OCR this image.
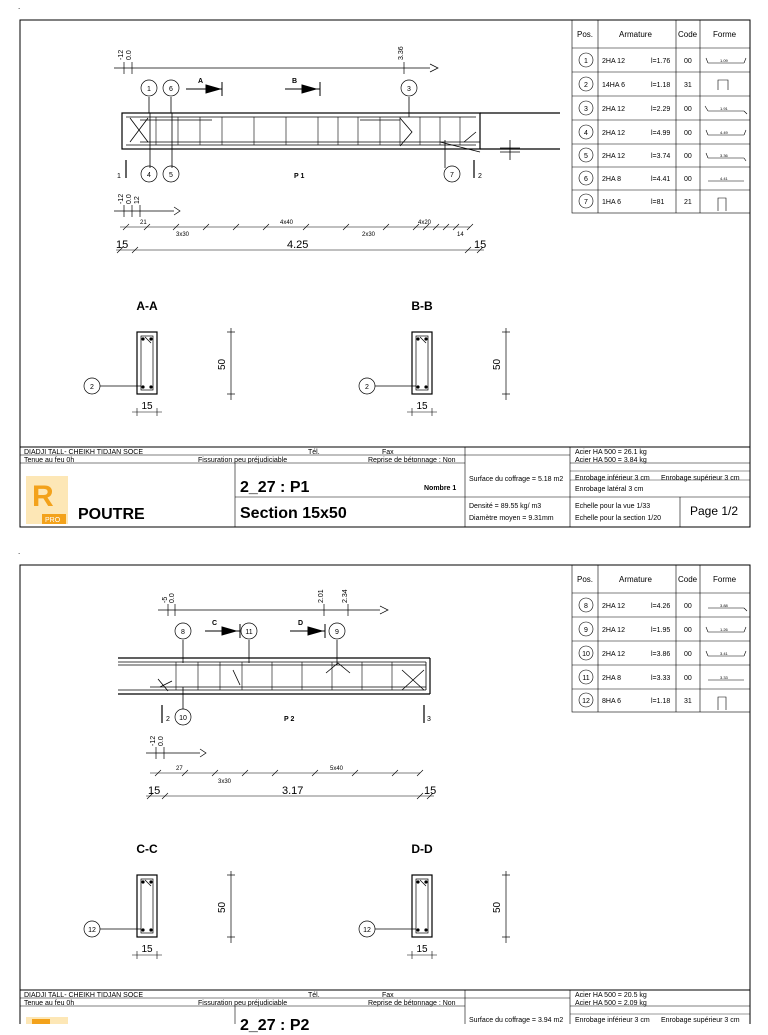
.
Pos.	Armature	Code Forme
1 2HA 12	l=1.76 00	1.09
2 14HA 6	l=1.18 31
3 2HA 12	l=2.29 00	1.91
4 2HA 12	l=4.99 00	4.49
5 2HA 12	l=3.74 00	3.36
6 2HA 8	l=4.41 00	4.41
7 1HA 6	l=81	21
-12 0.0	3.36
A	B
1	6	3
4	5	7
1	2
P 1
-12 0.0 12
21
3x30
4x40
2x30
4x20
14
15	4.25	15
A-A
2
15
50
B-B
2
15
50
DIADJI TALL- CHEIKH TIDJAN SOCE	Tél.	Fax
Tenue au feu 0h	Fissuration peu préjudiciable	Reprise de bétonnage : Non
Acier HA 500 = 26.1 kg
Acier HA 500 = 3.84 kg
Surface du coffrage = 5.18 m2 Enrobage inférieur 3 cm Enrobage supérieur 3 cm
Enrobage latéral 3 cm
Densité = 89.55 kg/ m3
Diamètre moyen = 9.31mm
Echelle pour la vue 1/33
Echelle pour la section 1/20
Page 1/2
2_27 : P1	Nombre 1
Section 15x50
POUTRE
R
PRO
.
Pos.	Armature	Code Forme
8 2HA 12	l=4.26 00	3.88
9 2HA 12	l=1.95 00	1.26
10 2HA 12	l=3.86 00	3.41
11 2HA 8	l=3.33 00	3.33
12 8HA 6	l=1.18 31
-5 0.0	2.01 2.34
C	D
8	11	9
10
2	3
P 2
-12 0.0
27
3x30
5x40
15	3.17	15
C-C
12
15
50
D-D
12
15
50
DIADJI TALL- CHEIKH TIDJAN SOCE	Tél.	Fax
Tenue au feu 0h	Fissuration peu préjudiciable	Reprise de bétonnage : Non
Acier HA 500 = 20.5 kg
Acier HA 500 = 2.09 kg
Surface du coffrage = 3.94 m2 Enrobage inférieur 3 cm Enrobage supérieur 3 cm
2_27 : P2
